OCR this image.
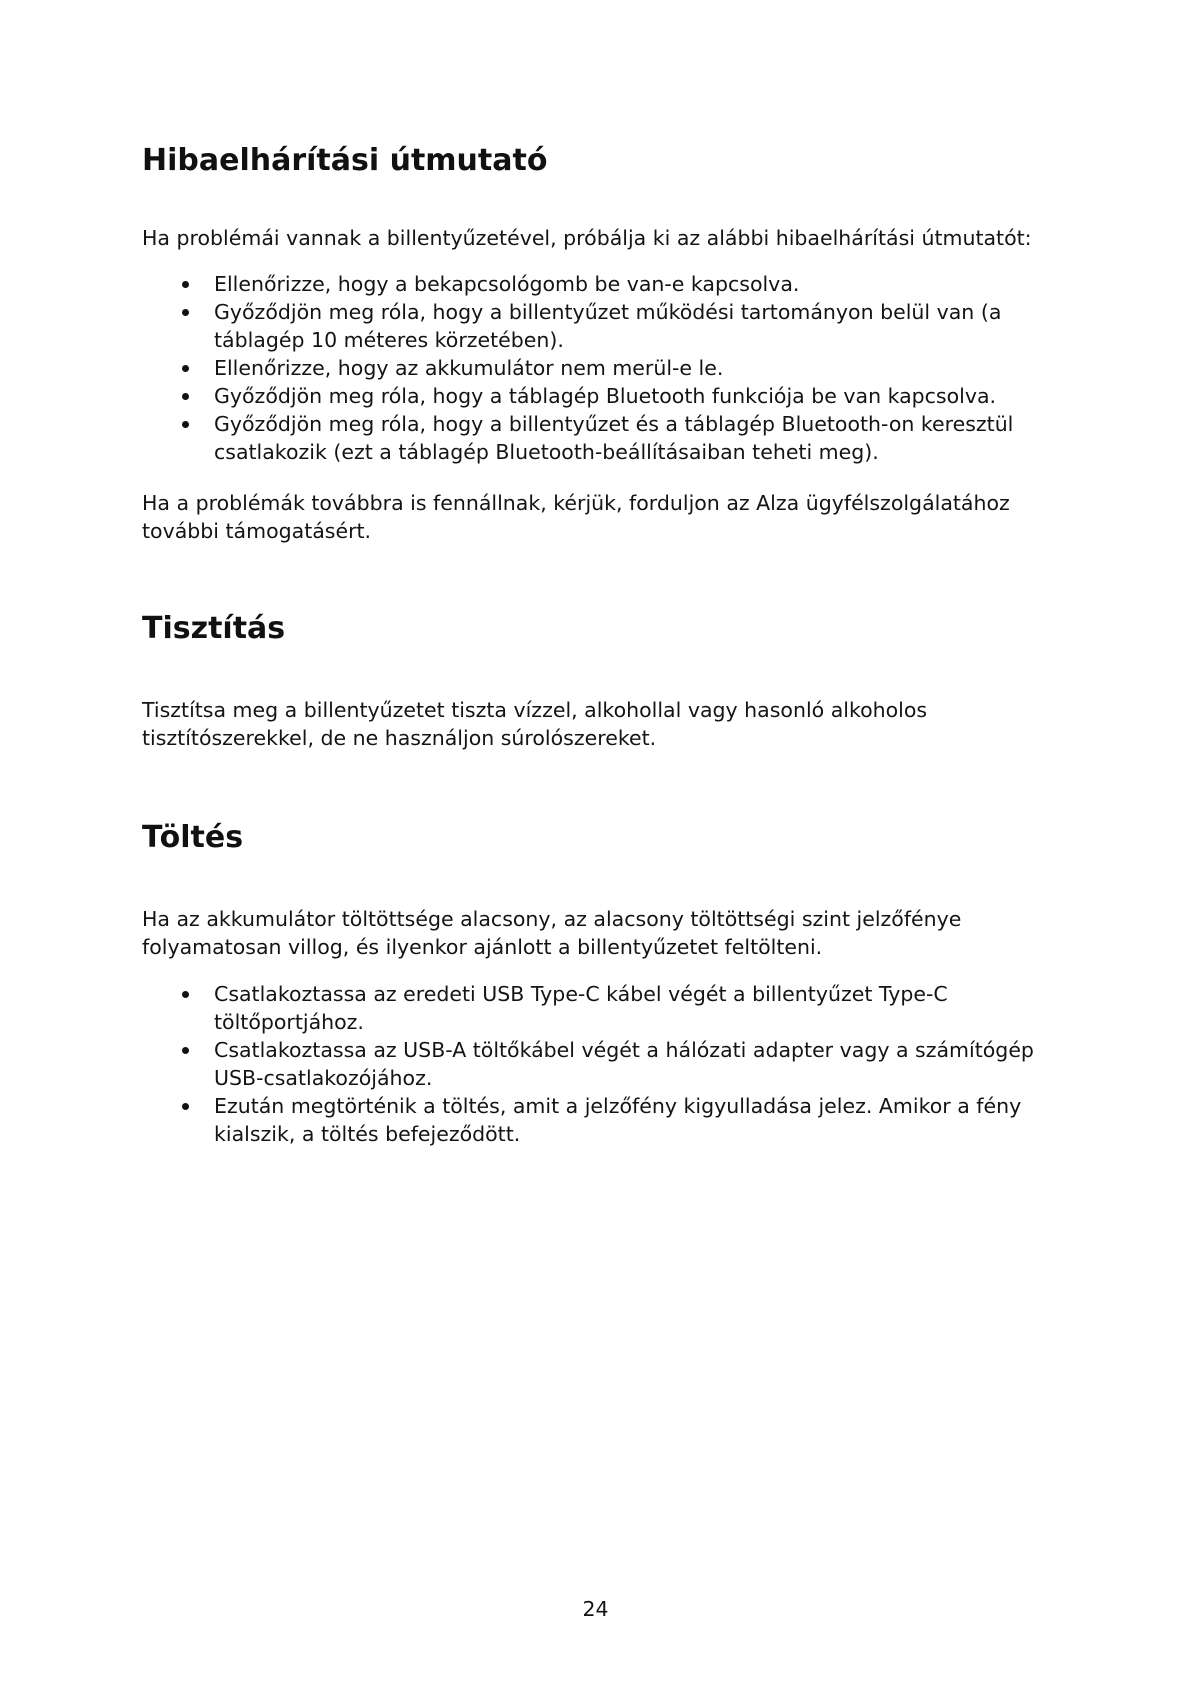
Hibaelhárítási útmutató

Ha problémái vannak a billentyűzetével, próbálja ki az alábbi hibaelhárítási útmutatót:

Ellenőrizze, hogy a bekapcsológomb be van-e kapcsolva.
Győződjön meg róla, hogy a billentyűzet működési tartományon belül van (a táblagép 10 méteres körzetében).
Ellenőrizze, hogy az akkumulátor nem merül-e le.
Győződjön meg róla, hogy a táblagép Bluetooth funkciója be van kapcsolva.
Győződjön meg róla, hogy a billentyűzet és a táblagép Bluetooth-on keresztül csatlakozik (ezt a táblagép Bluetooth-beállításaiban teheti meg).

Ha a problémák továbbra is fennállnak, kérjük, forduljon az Alza ügyfélszolgálatához további támogatásért.

Tisztítás

Tisztítsa meg a billentyűzetet tiszta vízzel, alkohollal vagy hasonló alkoholos tisztítószerekkel, de ne használjon súrolószereket.

Töltés

Ha az akkumulátor töltöttsége alacsony, az alacsony töltöttségi szint jelzőfénye folyamatosan villog, és ilyenkor ajánlott a billentyűzetet feltölteni.

Csatlakoztassa az eredeti USB Type-C kábel végét a billentyűzet Type-C töltőportjához.
Csatlakoztassa az USB-A töltőkábel végét a hálózati adapter vagy a számítógép USB-csatlakozójához.
Ezután megtörténik a töltés, amit a jelzőfény kigyulladása jelez. Amikor a fény kialszik, a töltés befejeződött.
24
